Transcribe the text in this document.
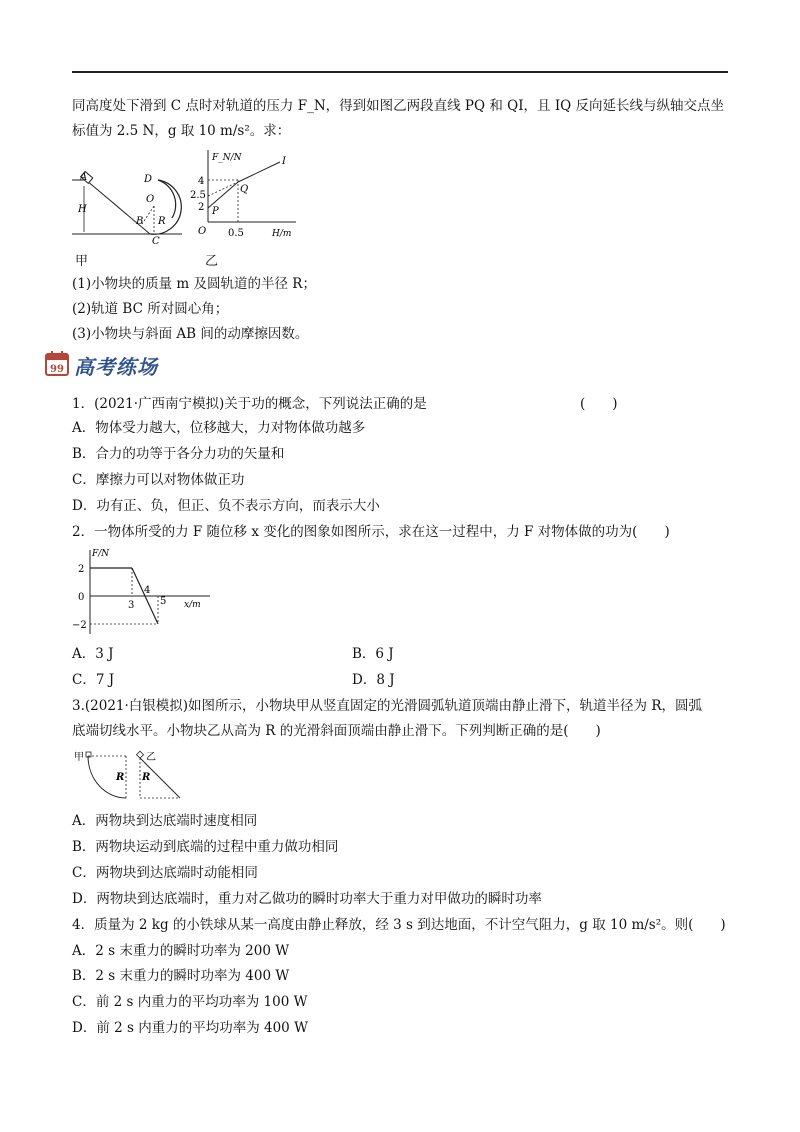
同高度处下滑到 C 点时对轨道的压力 F_N，得到如图乙两段直线 PQ 和 QI，且 IQ 反向延长线与纵轴交点坐
标值为 2.5 N，g 取 10 m/s²。求：
A
H
D
O
B R
C
甲
F_N/N
H/m
O
4
2.5
2
0.5
P
Q
I
乙
(1)小物块的质量 m 及圆轨道的半径 R；
(2)轨道 BC 所对圆心角；
(3)小物块与斜面 AB 间的动摩擦因数。
99 高考练场
1．(2021·广西南宁模拟)关于功的概念，下列说法正确的是	(　　)
A．物体受力越大，位移越大，力对物体做功越多
B．合力的功等于各分力功的矢量和
C．摩擦力可以对物体做正功
D．功有正、负，但正、负不表示方向，而表示大小
2．一物体所受的力 F 随位移 x 变化的图象如图所示，求在这一过程中，力 F 对物体做的功为(　　)
F/N
x/m
2
0
−2
3
4
5
A．3 J	B．6 J
C．7 J	D．8 J
3.(2021·白银模拟)如图所示，小物块甲从竖直固定的光滑圆弧轨道顶端由静止滑下，轨道半径为 R，圆弧
底端切线水平。小物块乙从高为 R 的光滑斜面顶端由静止滑下。下列判断正确的是(　　)
甲
R
乙
R
A．两物块到达底端时速度相同
B．两物块运动到底端的过程中重力做功相同
C．两物块到达底端时动能相同
D．两物块到达底端时，重力对乙做功的瞬时功率大于重力对甲做功的瞬时功率
4．质量为 2 kg 的小铁球从某一高度由静止释放，经 3 s 到达地面，不计空气阻力，g 取 10 m/s²。则(　　)
A．2 s 末重力的瞬时功率为 200 W
B．2 s 末重力的瞬时功率为 400 W
C．前 2 s 内重力的平均功率为 100 W
D．前 2 s 内重力的平均功率为 400 W
